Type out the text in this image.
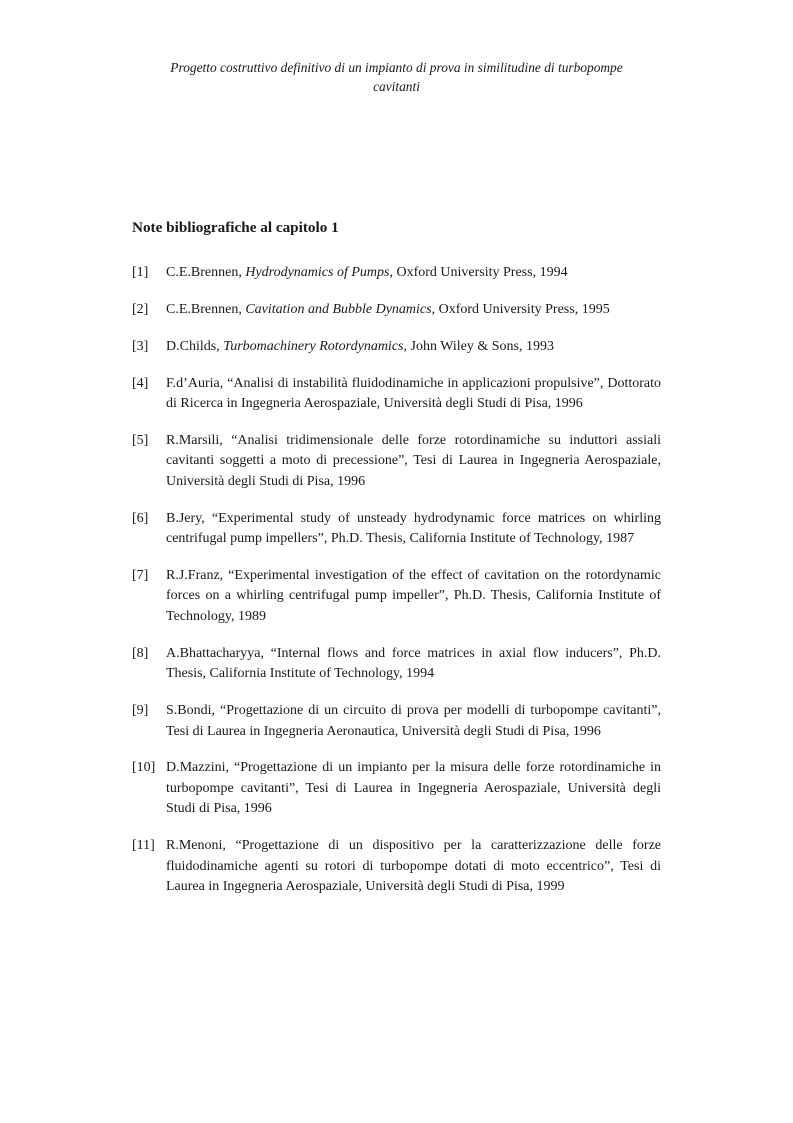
Progetto costruttivo definitivo di un impianto di prova in similitudine di turbopompe
cavitanti
Note bibliografiche al capitolo 1
[1] C.E.Brennen, Hydrodynamics of Pumps, Oxford University Press, 1994
[2] C.E.Brennen, Cavitation and Bubble Dynamics, Oxford University Press, 1995
[3] D.Childs, Turbomachinery Rotordynamics, John Wiley & Sons, 1993
[4] F.d’Auria, “Analisi di instabilità fluidodinamiche in applicazioni propulsive”, Dottorato di Ricerca in Ingegneria Aerospaziale, Università degli Studi di Pisa, 1996
[5] R.Marsili, “Analisi tridimensionale delle forze rotordinamiche su induttori assiali cavitanti soggetti a moto di precessione”, Tesi di Laurea in Ingegneria Aerospaziale, Università degli Studi di Pisa, 1996
[6] B.Jery, “Experimental study of unsteady hydrodynamic force matrices on whirling centrifugal pump impellers”, Ph.D. Thesis, California Institute of Technology, 1987
[7] R.J.Franz, “Experimental investigation of the effect of cavitation on the rotordynamic forces on a whirling centrifugal pump impeller”, Ph.D. Thesis, California Institute of Technology, 1989
[8] A.Bhattacharyya, “Internal flows and force matrices in axial flow inducers”, Ph.D. Thesis, California Institute of Technology, 1994
[9] S.Bondi, “Progettazione di un circuito di prova per modelli di turbopompe cavitanti”, Tesi di Laurea in Ingegneria Aeronautica, Università degli Studi di Pisa, 1996
[10] D.Mazzini, “Progettazione di un impianto per la misura delle forze rotordinamiche in turbopompe cavitanti”, Tesi di Laurea in Ingegneria Aerospaziale, Università degli Studi di Pisa, 1996
[11] R.Menoni, “Progettazione di un dispositivo per la caratterizzazione delle forze fluidodinamiche agenti su rotori di turbopompe dotati di moto eccentrico”, Tesi di Laurea in Ingegneria Aerospaziale, Università degli Studi di Pisa, 1999
